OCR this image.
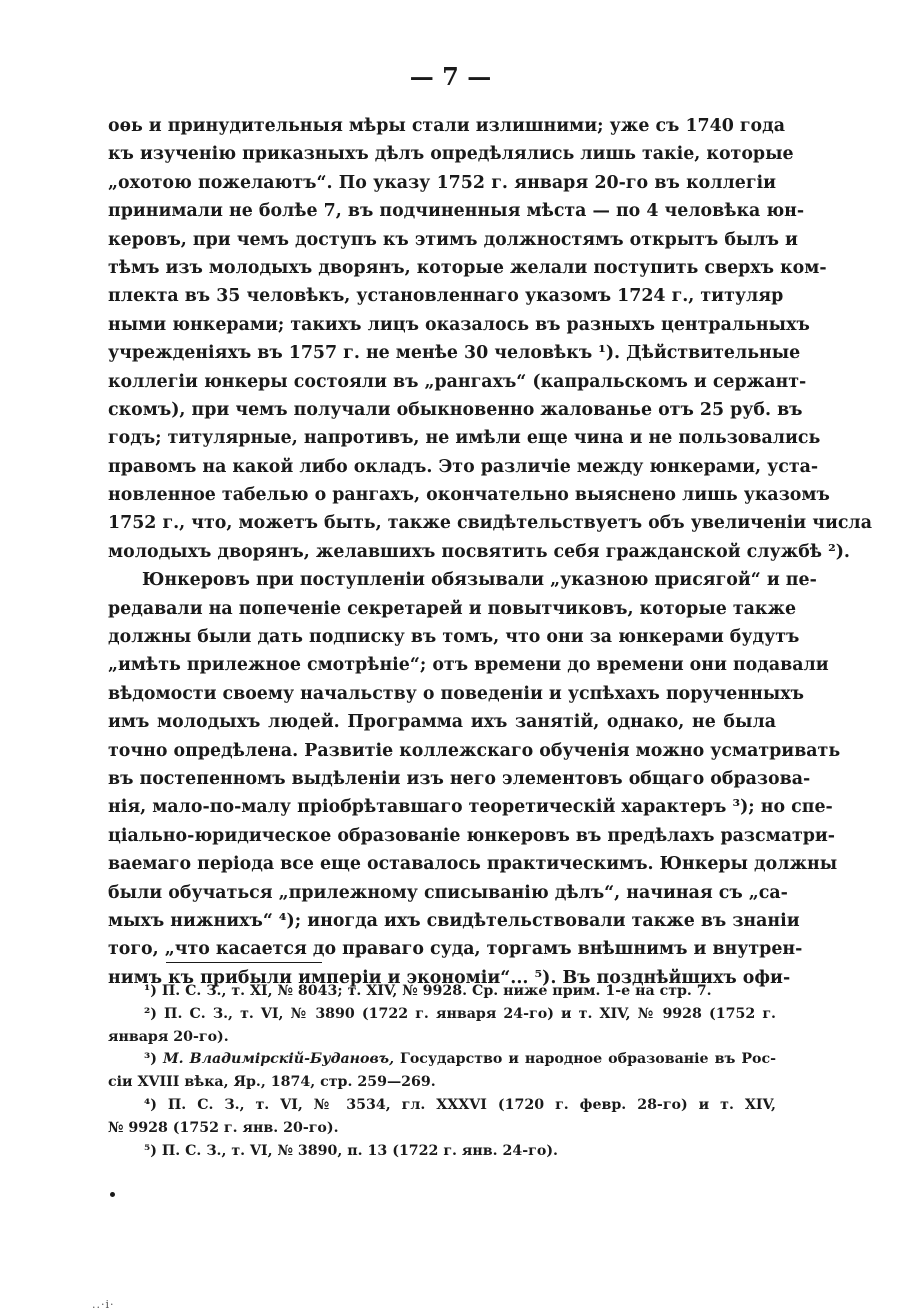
— 7 —
оѳь и принудительныя мѣры стали излишними; уже съ 1740 года
къ изученію приказныхъ дѣлъ опредѣлялись лишь такіе, которые
„охотою пожелаютъ“. По указу 1752 г. января 20-го въ коллегіи
принимали не болѣе 7, въ подчиненныя мѣста — по 4 человѣка юн-
керовъ, при чемъ доступъ къ этимъ должностямъ открытъ былъ и
тѣмъ изъ молодыхъ дворянъ, которые желали поступить сверхъ ком-
плекта въ 35 человѣкъ, установленнаго указомъ 1724 г., титуляр
ными юнкерами; такихъ лицъ оказалось въ разныхъ центральныхъ
учрежденіяхъ въ 1757 г. не менѣе 30 человѣкъ ¹). Дѣйствительные
коллегіи юнкеры состояли въ „рангахъ“ (капральскомъ и сержант-
скомъ), при чемъ получали обыкновенно жалованье отъ 25 руб. въ
годъ; титулярные, напротивъ, не имѣли еще чина и не пользовались
правомъ на какой либо окладъ. Это различіе между юнкерами, уста-
новленное табелью о рангахъ, окончательно выяснено лишь указомъ
1752 г., что, можетъ быть, также свидѣтельствуетъ объ увеличеніи числа
молодыхъ дворянъ, желавшихъ посвятить себя гражданской службѣ ²).
Юнкеровъ при поступленіи обязывали „указною присягой“ и пе-
редавали на попеченіе секретарей и повытчиковъ, которые также
должны были дать подписку въ томъ, что они за юнкерами будутъ
„имѣть прилежное смотрѣніе“; отъ времени до времени они подавали
вѣдомости своему начальству о поведеніи и успѣхахъ порученныхъ
имъ молодыхъ людей. Программа ихъ занятій, однако, не была
точно опредѣлена. Развитіе коллежскаго обученія можно усматривать
въ постепенномъ выдѣленіи изъ него элементовъ общаго образова-
нія, мало-по-малу пріобрѣтавшаго теоретическій характеръ ³); но спе-
ціально-юридическое образованіе юнкеровъ въ предѣлахъ разсматри-
ваемаго періода все еще оставалось практическимъ. Юнкеры должны
были обучаться „прилежному списыванію дѣлъ“, начиная съ „са-
мыхъ нижнихъ“ ⁴); иногда ихъ свидѣтельствовали также въ знаніи
того, „что касается до праваго суда, торгамъ внѣшнимъ и внутрен-
нимъ къ прибыли имперіи и экономіи“... ⁵). Въ позднѣйшихъ офи-
¹) П. С. З., т. XI, № 8043; т. XIV, № 9928. Ср. ниже прим. 1-е на стр. 7.
²) П. С. З., т. VI, № 3890 (1722 г. января 24-го) и т. XIV, № 9928 (1752 г.
января 20-го).
³) М. Владимірскій-Будановъ, Государство и народное образованіе въ Рос-
сіи XVIII вѣка, Яр., 1874, стр. 259—269.
⁴) П. С. З., т. VI, № 3534, гл. XXXVI (1720 г. февр. 28-го) и т. XIV,
№ 9928 (1752 г. янв. 20-го).
⁵) П. С. З., т. VI, № 3890, п. 13 (1722 г. янв. 24-го).
..·i·
